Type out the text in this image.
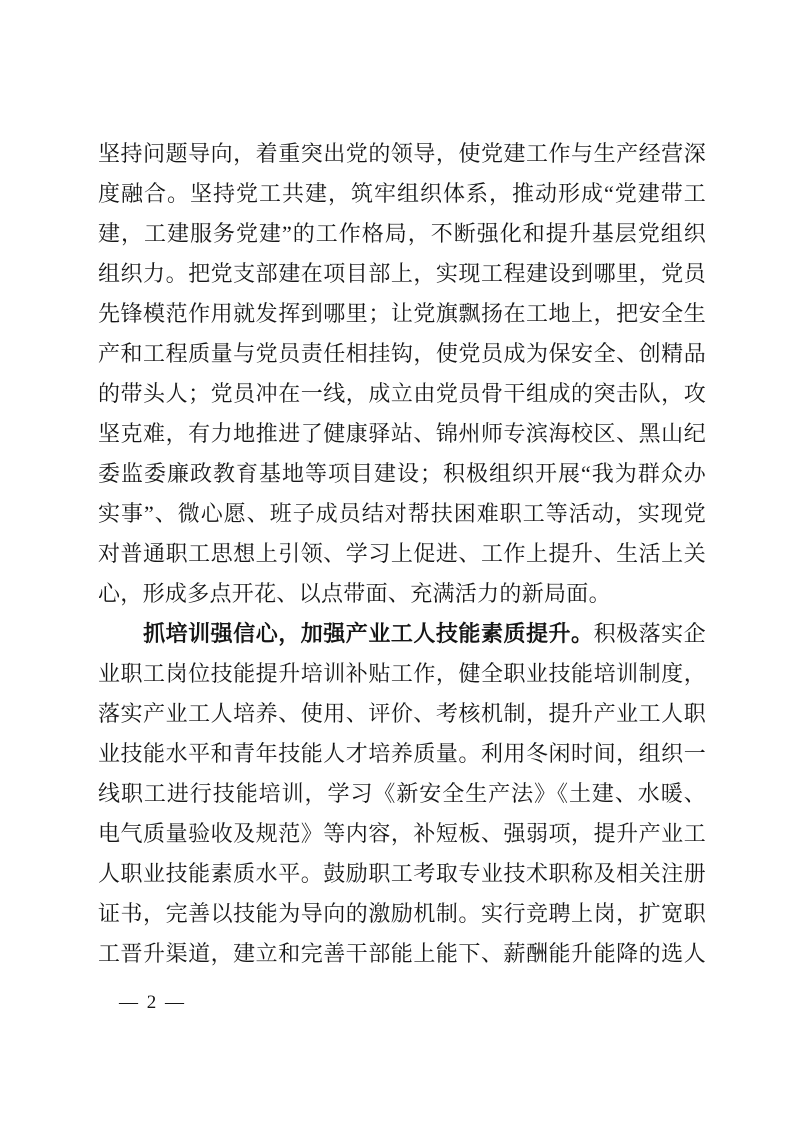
坚持问题导向，着重突出党的领导，使党建工作与生产经营深
度融合。坚持党工共建，筑牢组织体系，推动形成“党建带工
建，工建服务党建”的工作格局，不断强化和提升基层党组织
组织力。把党支部建在项目部上，实现工程建设到哪里，党员
先锋模范作用就发挥到哪里；让党旗飘扬在工地上，把安全生
产和工程质量与党员责任相挂钩，使党员成为保安全、创精品
的带头人；党员冲在一线，成立由党员骨干组成的突击队，攻
坚克难，有力地推进了健康驿站、锦州师专滨海校区、黑山纪
委监委廉政教育基地等项目建设；积极组织开展“我为群众办
实事”、微心愿、班子成员结对帮扶困难职工等活动，实现党
对普通职工思想上引领、学习上促进、工作上提升、生活上关
心，形成多点开花、以点带面、充满活力的新局面。
　　抓培训强信心，加强产业工人技能素质提升。积极落实企
业职工岗位技能提升培训补贴工作，健全职业技能培训制度，
落实产业工人培养、使用、评价、考核机制，提升产业工人职
业技能水平和青年技能人才培养质量。利用冬闲时间，组织一
线职工进行技能培训，学习《新安全生产法》《土建、水暖、
电气质量验收及规范》等内容，补短板、强弱项，提升产业工
人职业技能素质水平。鼓励职工考取专业技术职称及相关注册
证书，完善以技能为导向的激励机制。实行竞聘上岗，扩宽职
工晋升渠道，建立和完善干部能上能下、薪酬能升能降的选人
— 2 —
